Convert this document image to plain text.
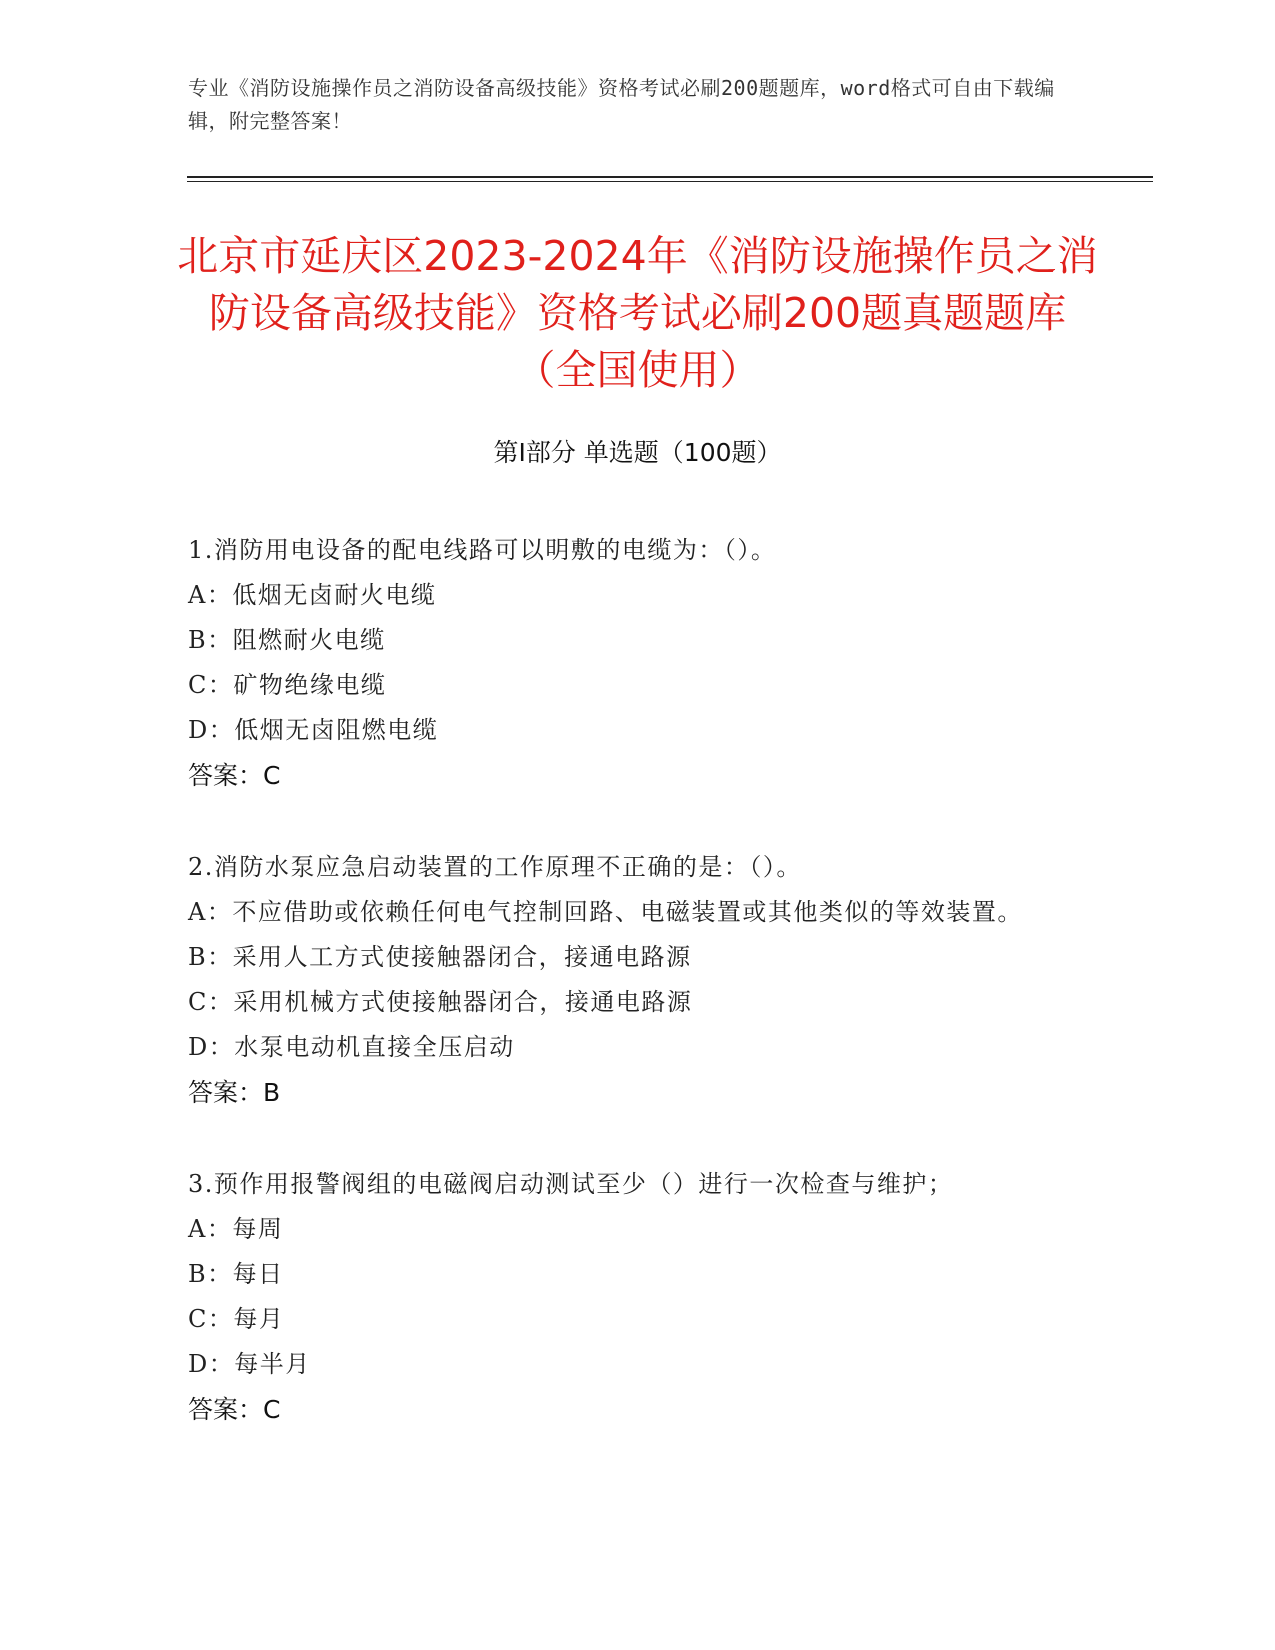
专业《消防设施操作员之消防设备高级技能》资格考试必刷200题题库，word格式可自由下载编辑，附完整答案！
北京市延庆区2023-2024年《消防设施操作员之消防设备高级技能》资格考试必刷200题真题题库（全国使用）
第Ⅰ部分 单选题（100题）
1.消防用电设备的配电线路可以明敷的电缆为：（）。
A：低烟无卤耐火电缆
B：阻燃耐火电缆
C：矿物绝缘电缆
D：低烟无卤阻燃电缆
答案：C
2.消防水泵应急启动装置的工作原理不正确的是：（）。
A：不应借助或依赖任何电气控制回路、电磁装置或其他类似的等效装置。
B：采用人工方式使接触器闭合，接通电路源
C：采用机械方式使接触器闭合，接通电路源
D：水泵电动机直接全压启动
答案：B
3.预作用报警阀组的电磁阀启动测试至少（）进行一次检查与维护；
A：每周
B：每日
C：每月
D：每半月
答案：C
